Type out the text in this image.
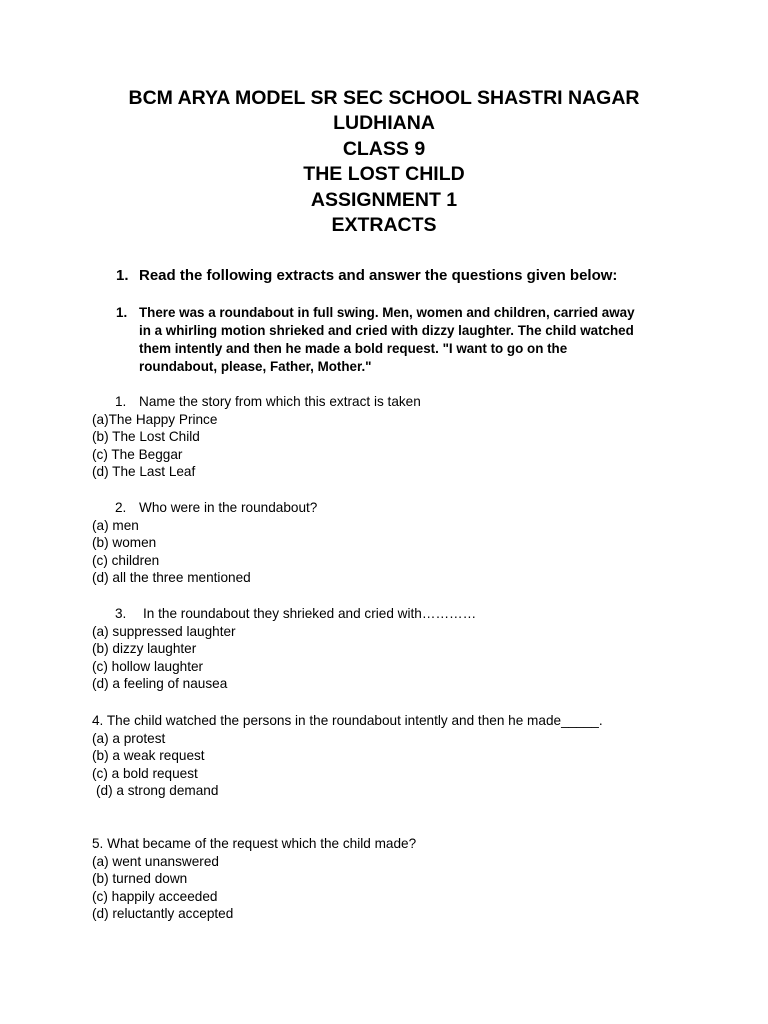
BCM ARYA MODEL SR SEC SCHOOL SHASTRI NAGAR
LUDHIANA
CLASS 9
THE LOST CHILD
ASSIGNMENT 1
EXTRACTS
1. Read the following extracts and answer the questions given below:
1. There was a roundabout in full swing. Men, women and children, carried away
in a whirling motion shrieked and cried with dizzy laughter. The child watched
them intently and then he made a bold request. "I want to go on the
roundabout, please, Father, Mother."
1. Name the story from which this extract is taken
(a)The Happy Prince
(b) The Lost Child
(c) The Beggar
(d) The Last Leaf
2. Who were in the roundabout?
(a) men
(b) women
(c) children
(d) all the three mentioned
3. In the roundabout they shrieked and cried with…………
(a) suppressed laughter
(b) dizzy laughter
(c) hollow laughter
(d) a feeling of nausea
4. The child watched the persons in the roundabout intently and then he made_____.
(a) a protest
(b) a weak request
(c) a bold request
(d) a strong demand
5. What became of the request which the child made?
(a) went unanswered
(b) turned down
(c) happily acceeded
(d) reluctantly accepted
